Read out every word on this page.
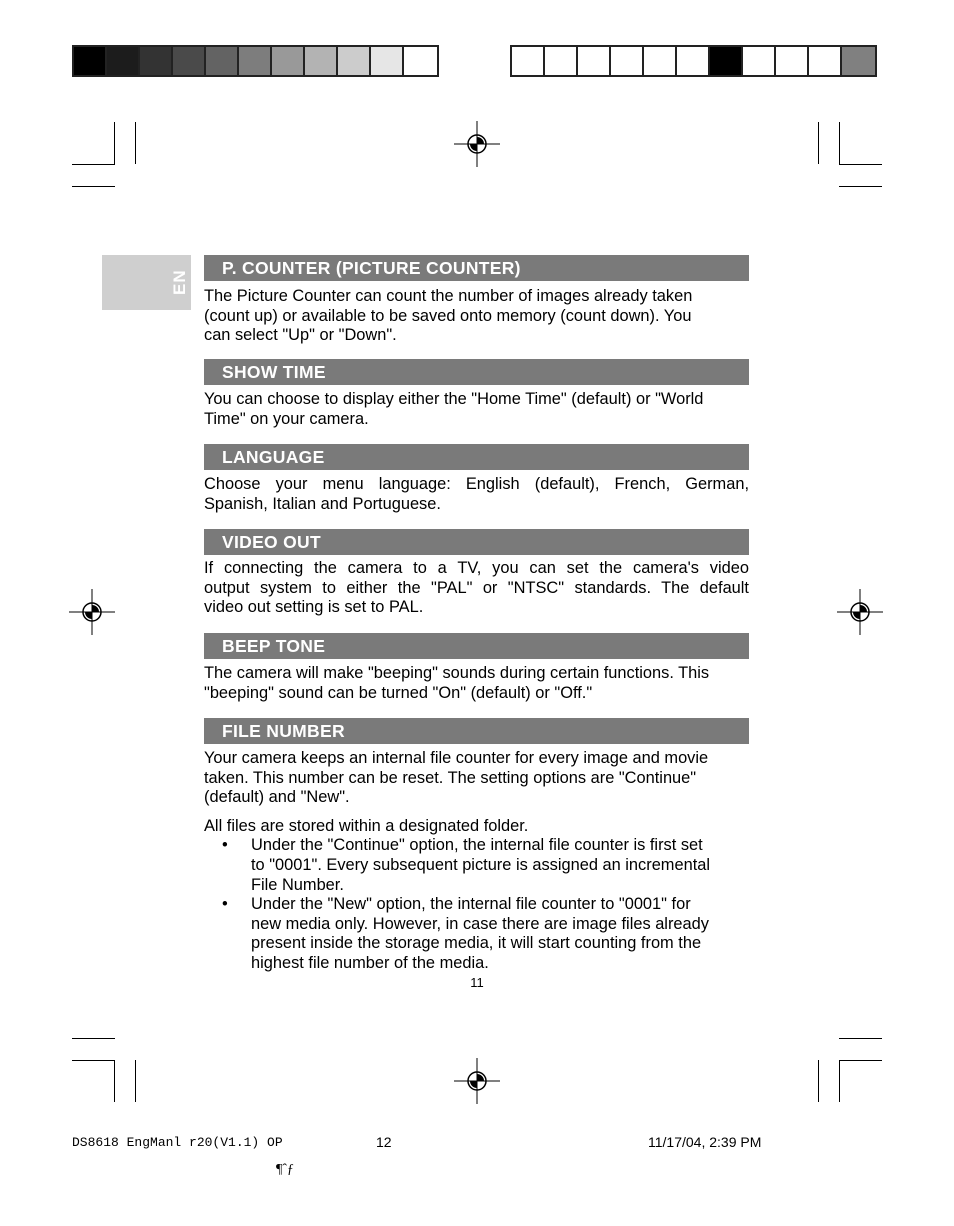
EN
P. COUNTER (PICTURE COUNTER)
The Picture Counter can count the number of images already taken
(count up) or available to be saved onto memory (count down). You
can select "Up" or "Down".
SHOW TIME
You can choose to display either the "Home Time" (default) or "World
Time" on your camera.
LANGUAGE
Choose your menu language: English (default), French, German,
Spanish, Italian and Portuguese.
VIDEO OUT
If connecting the camera to a TV, you can set the camera's video
output system to either the "PAL" or "NTSC" standards. The default
video out setting is set to PAL.
BEEP TONE
The camera will make "beeping" sounds during certain functions. This
"beeping" sound can be turned "On" (default) or "Off."
FILE NUMBER
Your camera keeps an internal file counter for every image and movie
taken. This number can be reset. The setting options are "Continue"
(default) and "New".
All files are stored within a designated folder.
• Under the "Continue" option, the internal file counter is first set
to "0001". Every subsequent picture is assigned an incremental
File Number.
• Under the "New" option, the internal file counter to "0001" for
new media only. However, in case there are image files already
present inside the storage media, it will start counting from the
highest file number of the media.
11
DS8618 EngManl r20(V1.1) OP	12	11/17/04, 2:39 PM
¶ˆƒ
